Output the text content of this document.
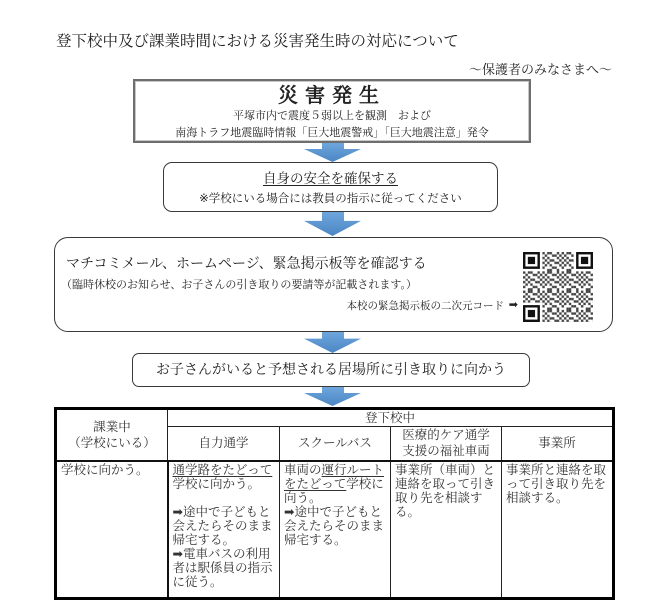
登下校中及び課業時間における災害発生時の対応について
～保護者のみなさまへ～
災害発生
平塚市内で震度５弱以上を観測　および
南海トラフ地震臨時情報「巨大地震警戒」「巨大地震注意」発令
自身の安全を確保する
※学校にいる場合には教員の指示に従ってください
マチコミメール、ホームページ、緊急掲示板等を確認する
（臨時休校のお知らせ、お子さんの引き取りの要請等が記載されます。）
本校の緊急掲示板の二次元コード ➡
お子さんがいると予想される居場所に引き取りに向かう
課業中
（学校にいる）	登下校中			
	自力通学	スクールバス	医療的ケア通学
支援の福祉車両	事業所
学校に向かう。	通学路をたどって学校に向かう。
➡途中で子どもと会えたらそのまま帰宅する。
➡電車バスの利用者は駅係員の指示に従う。	車両の運行ルートをたどって学校に向う。
➡途中で子どもと会えたらそのまま帰宅する。	事業所（車両）と連絡を取って引き取り先を相談する。	事業所と連絡を取って引き取り先を相談する。
